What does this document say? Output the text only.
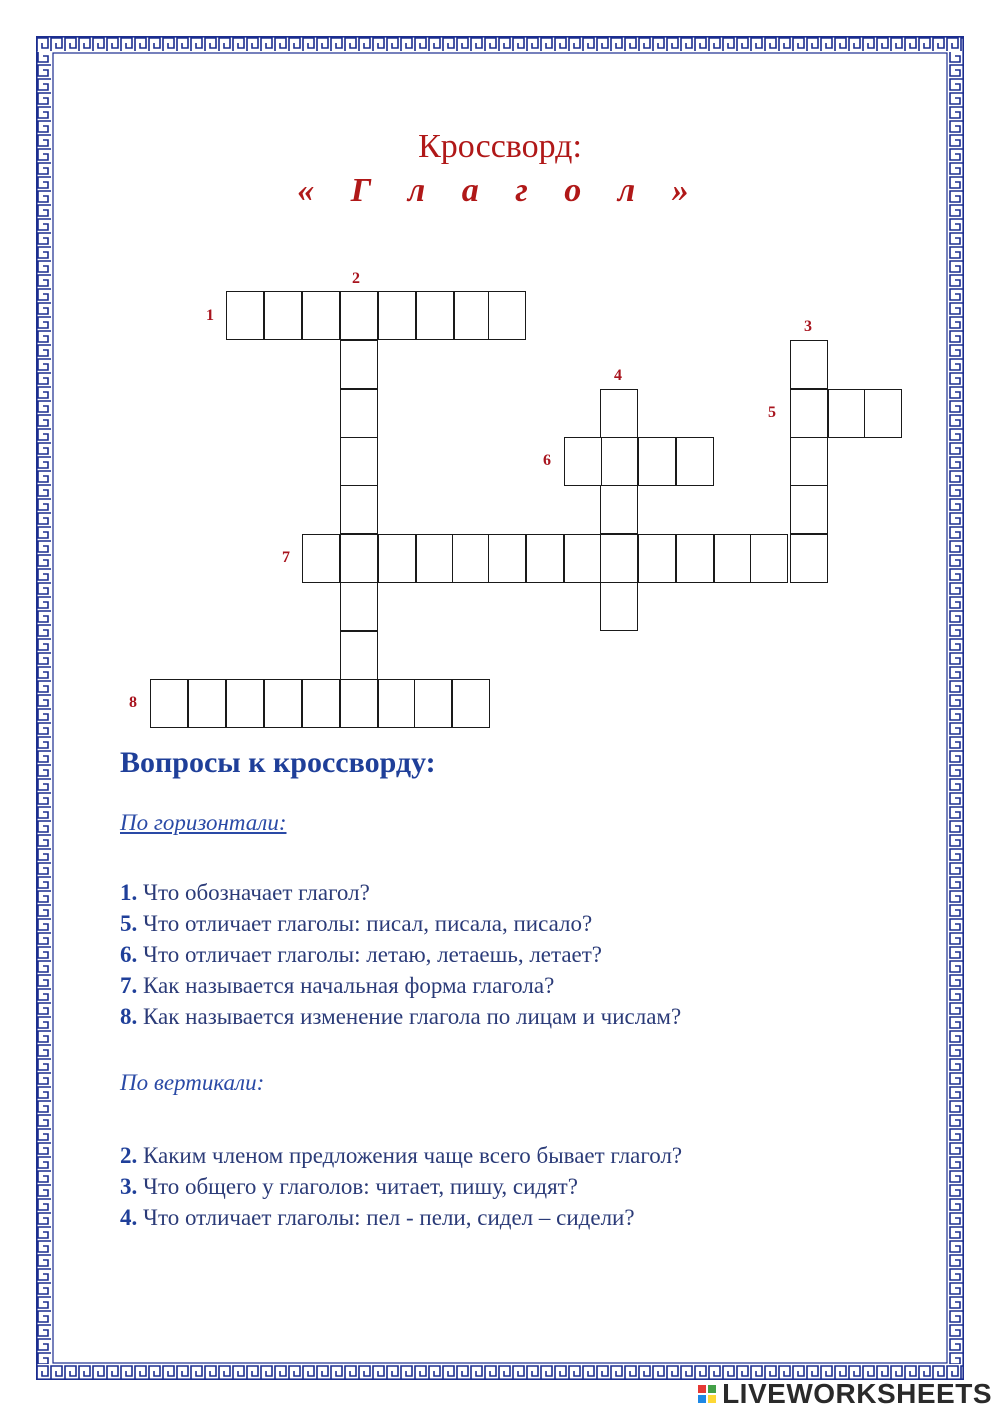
Кроссворд:
« Г л а г о л »
1
2
3
4
5
6
7
8
Вопросы к кроссворду:

По горизонтали:

1. Что обозначает глагол?
5. Что отличает глаголы: писал, писала, писало?
6. Что отличает глаголы: летаю, летаешь, летает?
7. Как называется начальная форма глагола?
8. Как называется изменение глагола по лицам и числам?

По вертикали:

2. Каким членом предложения чаще всего бывает глагол?
3. Что общего у глаголов: читает, пишу, сидят?
4. Что отличает глаголы: пел - пели, сидел – сидели?
LIVEWORKSHEETS
